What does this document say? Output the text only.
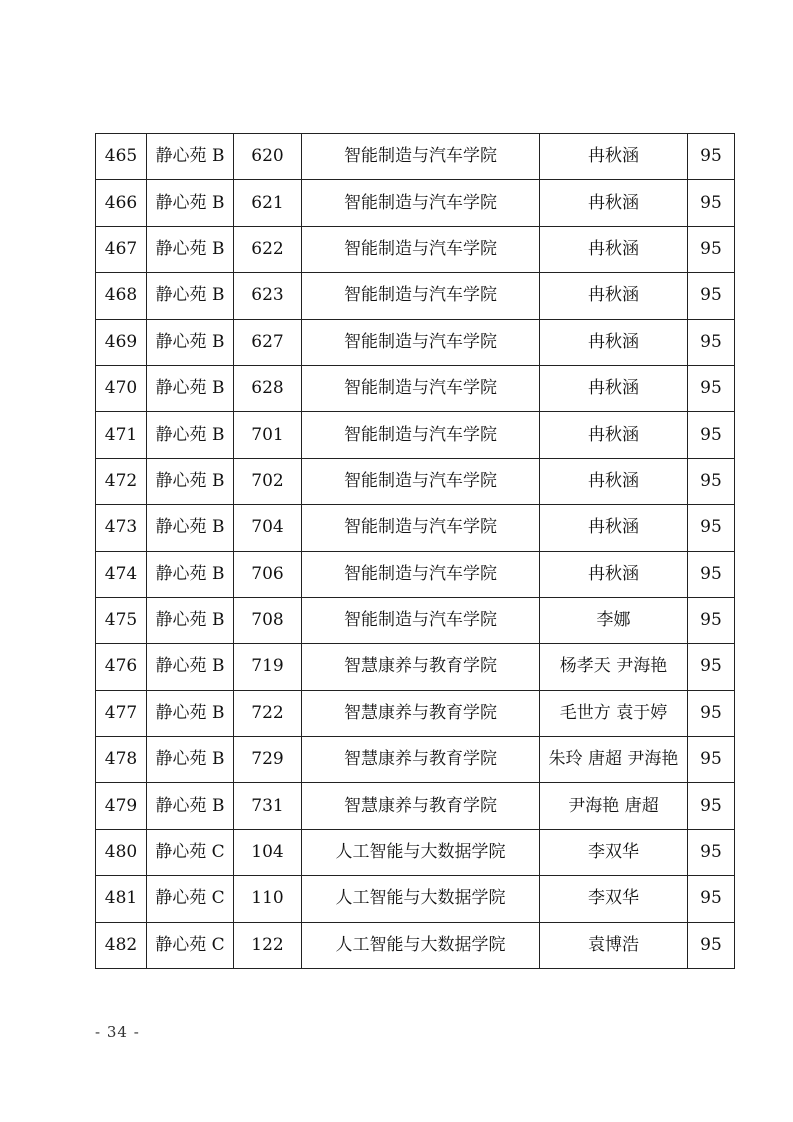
465	静心苑 B	620	智能制造与汽车学院	冉秋涵	95
466	静心苑 B	621	智能制造与汽车学院	冉秋涵	95
467	静心苑 B	622	智能制造与汽车学院	冉秋涵	95
468	静心苑 B	623	智能制造与汽车学院	冉秋涵	95
469	静心苑 B	627	智能制造与汽车学院	冉秋涵	95
470	静心苑 B	628	智能制造与汽车学院	冉秋涵	95
471	静心苑 B	701	智能制造与汽车学院	冉秋涵	95
472	静心苑 B	702	智能制造与汽车学院	冉秋涵	95
473	静心苑 B	704	智能制造与汽车学院	冉秋涵	95
474	静心苑 B	706	智能制造与汽车学院	冉秋涵	95
475	静心苑 B	708	智能制造与汽车学院	李娜	95
476	静心苑 B	719	智慧康养与教育学院	杨孝天 尹海艳	95
477	静心苑 B	722	智慧康养与教育学院	毛世方 袁于婷	95
478	静心苑 B	729	智慧康养与教育学院	朱玲 唐超 尹海艳	95
479	静心苑 B	731	智慧康养与教育学院	尹海艳 唐超	95
480	静心苑 C	104	人工智能与大数据学院	李双华	95
481	静心苑 C	110	人工智能与大数据学院	李双华	95
482	静心苑 C	122	人工智能与大数据学院	袁博浩	95
- 34 -
